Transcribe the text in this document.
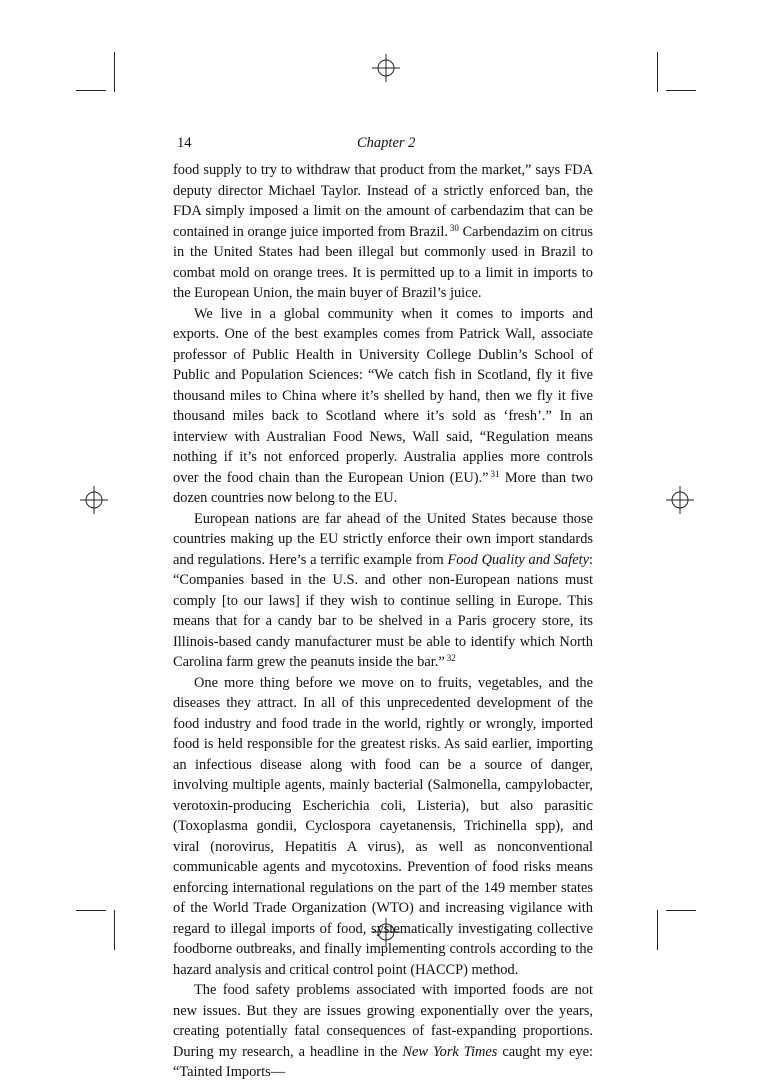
14	Chapter 2

food supply to try to withdraw that product from the market,” says FDA deputy director Michael Taylor. Instead of a strictly enforced ban, the FDA simply imposed a limit on the amount of carbendazim that can be contained in orange juice imported from Brazil. $^{30}$ Carbendazim on citrus in the United States had been illegal but commonly used in Brazil to combat mold on orange trees. It is permitted up to a limit in imports to the European Union, the main buyer of Brazil’s juice.

We live in a global community when it comes to imports and exports. One of the best examples comes from Patrick Wall, associate professor of Public Health in University College Dublin’s School of Public and Population Sciences: “We catch fish in Scotland, fly it five thousand miles to China where it’s shelled by hand, then we fly it five thousand miles back to Scotland where it’s sold as ‘fresh’.” In an interview with Australian Food News, Wall said, “Regulation means nothing if it’s not enforced properly. Australia applies more controls over the food chain than the European Union (EU).” $^{31}$ More than two dozen countries now belong to the EU.

European nations are far ahead of the United States because those countries making up the EU strictly enforce their own import standards and regulations. Here’s a terrific example from Food Quality and Safety: “Companies based in the U.S. and other non-European nations must comply [to our laws] if they wish to continue selling in Europe. This means that for a candy bar to be shelved in a Paris grocery store, its Illinois-based candy manufacturer must be able to identify which North Carolina farm grew the peanuts inside the bar.” $^{32}$

One more thing before we move on to fruits, vegetables, and the diseases they attract. In all of this unprecedented development of the food industry and food trade in the world, rightly or wrongly, imported food is held responsible for the greatest risks. As said earlier, importing an infectious disease along with food can be a source of danger, involving multiple agents, mainly bacterial (Salmonella, campylobacter, verotoxin-producing Escherichia coli, Listeria), but also parasitic (Toxoplasma gondii, Cyclospora cayetanensis, Trichinella spp), and viral (norovirus, Hepatitis A virus), as well as nonconventional communicable agents and mycotoxins. Prevention of food risks means enforcing international regulations on the part of the 149 member states of the World Trade Organization (WTO) and increasing vigilance with regard to illegal imports of food, systematically investigating collective foodborne outbreaks, and finally implementing controls according to the hazard analysis and critical control point (HACCP) method.

The food safety problems associated with imported foods are not new issues. But they are issues growing exponentially over the years, creating potentially fatal consequences of fast-expanding proportions. During my research, a headline in the New York Times caught my eye: “Tainted Imports—
